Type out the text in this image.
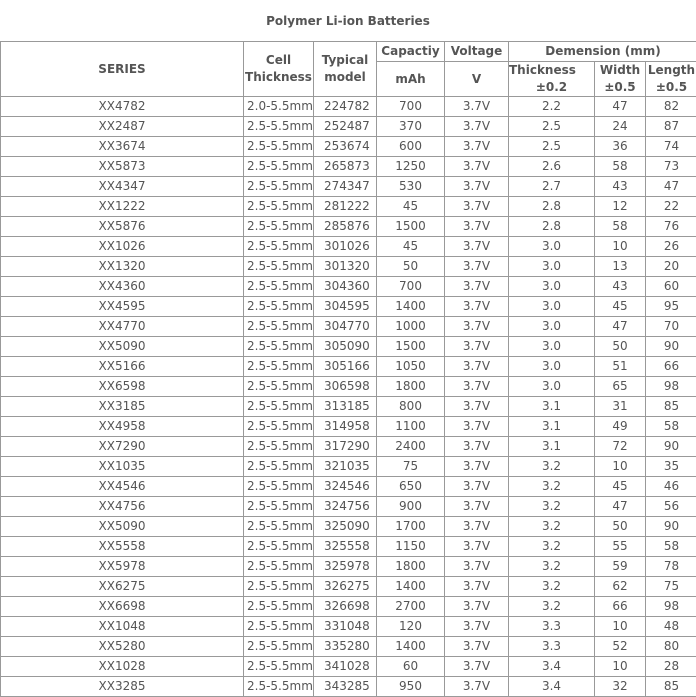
Polymer Li-ion Batteries
SERIES	Cell Thickness	Typical model	Capactiy	Voltage	Demension (mm)		
			mAh	V	Thickness	Width	Length
					±0.2	±0.5	±0.5
XX4782	2.0-5.5mm	224782	700	3.7V	2.2	47	82
XX2487	2.5-5.5mm	252487	370	3.7V	2.5	24	87
XX3674	2.5-5.5mm	253674	600	3.7V	2.5	36	74
XX5873	2.5-5.5mm	265873	1250	3.7V	2.6	58	73
XX4347	2.5-5.5mm	274347	530	3.7V	2.7	43	47
XX1222	2.5-5.5mm	281222	45	3.7V	2.8	12	22
XX5876	2.5-5.5mm	285876	1500	3.7V	2.8	58	76
XX1026	2.5-5.5mm	301026	45	3.7V	3.0	10	26
XX1320	2.5-5.5mm	301320	50	3.7V	3.0	13	20
XX4360	2.5-5.5mm	304360	700	3.7V	3.0	43	60
XX4595	2.5-5.5mm	304595	1400	3.7V	3.0	45	95
XX4770	2.5-5.5mm	304770	1000	3.7V	3.0	47	70
XX5090	2.5-5.5mm	305090	1500	3.7V	3.0	50	90
XX5166	2.5-5.5mm	305166	1050	3.7V	3.0	51	66
XX6598	2.5-5.5mm	306598	1800	3.7V	3.0	65	98
XX3185	2.5-5.5mm	313185	800	3.7V	3.1	31	85
XX4958	2.5-5.5mm	314958	1100	3.7V	3.1	49	58
XX7290	2.5-5.5mm	317290	2400	3.7V	3.1	72	90
XX1035	2.5-5.5mm	321035	75	3.7V	3.2	10	35
XX4546	2.5-5.5mm	324546	650	3.7V	3.2	45	46
XX4756	2.5-5.5mm	324756	900	3.7V	3.2	47	56
XX5090	2.5-5.5mm	325090	1700	3.7V	3.2	50	90
XX5558	2.5-5.5mm	325558	1150	3.7V	3.2	55	58
XX5978	2.5-5.5mm	325978	1800	3.7V	3.2	59	78
XX6275	2.5-5.5mm	326275	1400	3.7V	3.2	62	75
XX6698	2.5-5.5mm	326698	2700	3.7V	3.2	66	98
XX1048	2.5-5.5mm	331048	120	3.7V	3.3	10	48
XX5280	2.5-5.5mm	335280	1400	3.7V	3.3	52	80
XX1028	2.5-5.5mm	341028	60	3.7V	3.4	10	28
XX3285	2.5-5.5mm	343285	950	3.7V	3.4	32	85
